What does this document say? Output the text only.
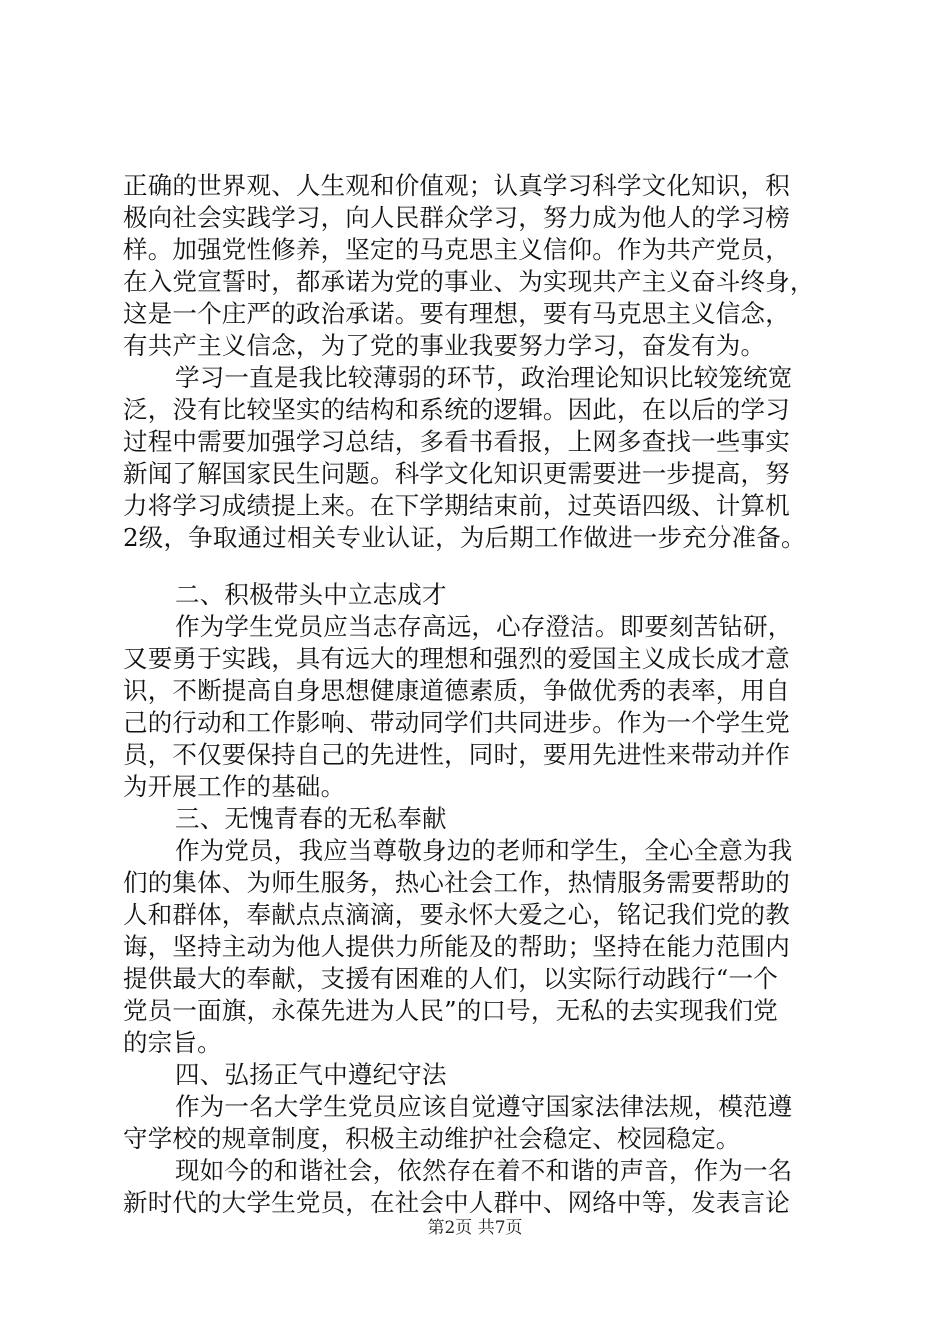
正确的世界观、人生观和价值观；认真学习科学文化知识，积
极向社会实践学习，向人民群众学习，努力成为他人的学习榜
样。加强党性修养，坚定的马克思主义信仰。作为共产党员，
在入党宣誓时，都承诺为党的事业、为实现共产主义奋斗终身，
这是一个庄严的政治承诺。要有理想，要有马克思主义信念，
有共产主义信念，为了党的事业我要努力学习，奋发有为。
学习一直是我比较薄弱的环节，政治理论知识比较笼统宽
泛，没有比较坚实的结构和系统的逻辑。因此，在以后的学习
过程中需要加强学习总结，多看书看报，上网多查找一些事实
新闻了解国家民生问题。科学文化知识更需要进一步提高，努
力将学习成绩提上来。在下学期结束前，过英语四级、计算机
2级，争取通过相关专业认证，为后期工作做进一步充分准备。
二、积极带头中立志成才
作为学生党员应当志存高远，心存澄洁。即要刻苦钻研，
又要勇于实践，具有远大的理想和强烈的爱国主义成长成才意
识，不断提高自身思想健康道德素质，争做优秀的表率，用自
己的行动和工作影响、带动同学们共同进步。作为一个学生党
员，不仅要保持自己的先进性，同时，要用先进性来带动并作
为开展工作的基础。
三、无愧青春的无私奉献
作为党员，我应当尊敬身边的老师和学生，全心全意为我
们的集体、为师生服务，热心社会工作，热情服务需要帮助的
人和群体，奉献点点滴滴，要永怀大爱之心，铭记我们党的教
诲，坚持主动为他人提供力所能及的帮助；坚持在能力范围内
提供最大的奉献，支援有困难的人们，以实际行动践行“一个
党员一面旗，永葆先进为人民”的口号，无私的去实现我们党
的宗旨。
四、弘扬正气中遵纪守法
作为一名大学生党员应该自觉遵守国家法律法规，模范遵
守学校的规章制度，积极主动维护社会稳定、校园稳定。
现如今的和谐社会，依然存在着不和谐的声音，作为一名
新时代的大学生党员，在社会中人群中、网络中等，发表言论
第2页 共7页
